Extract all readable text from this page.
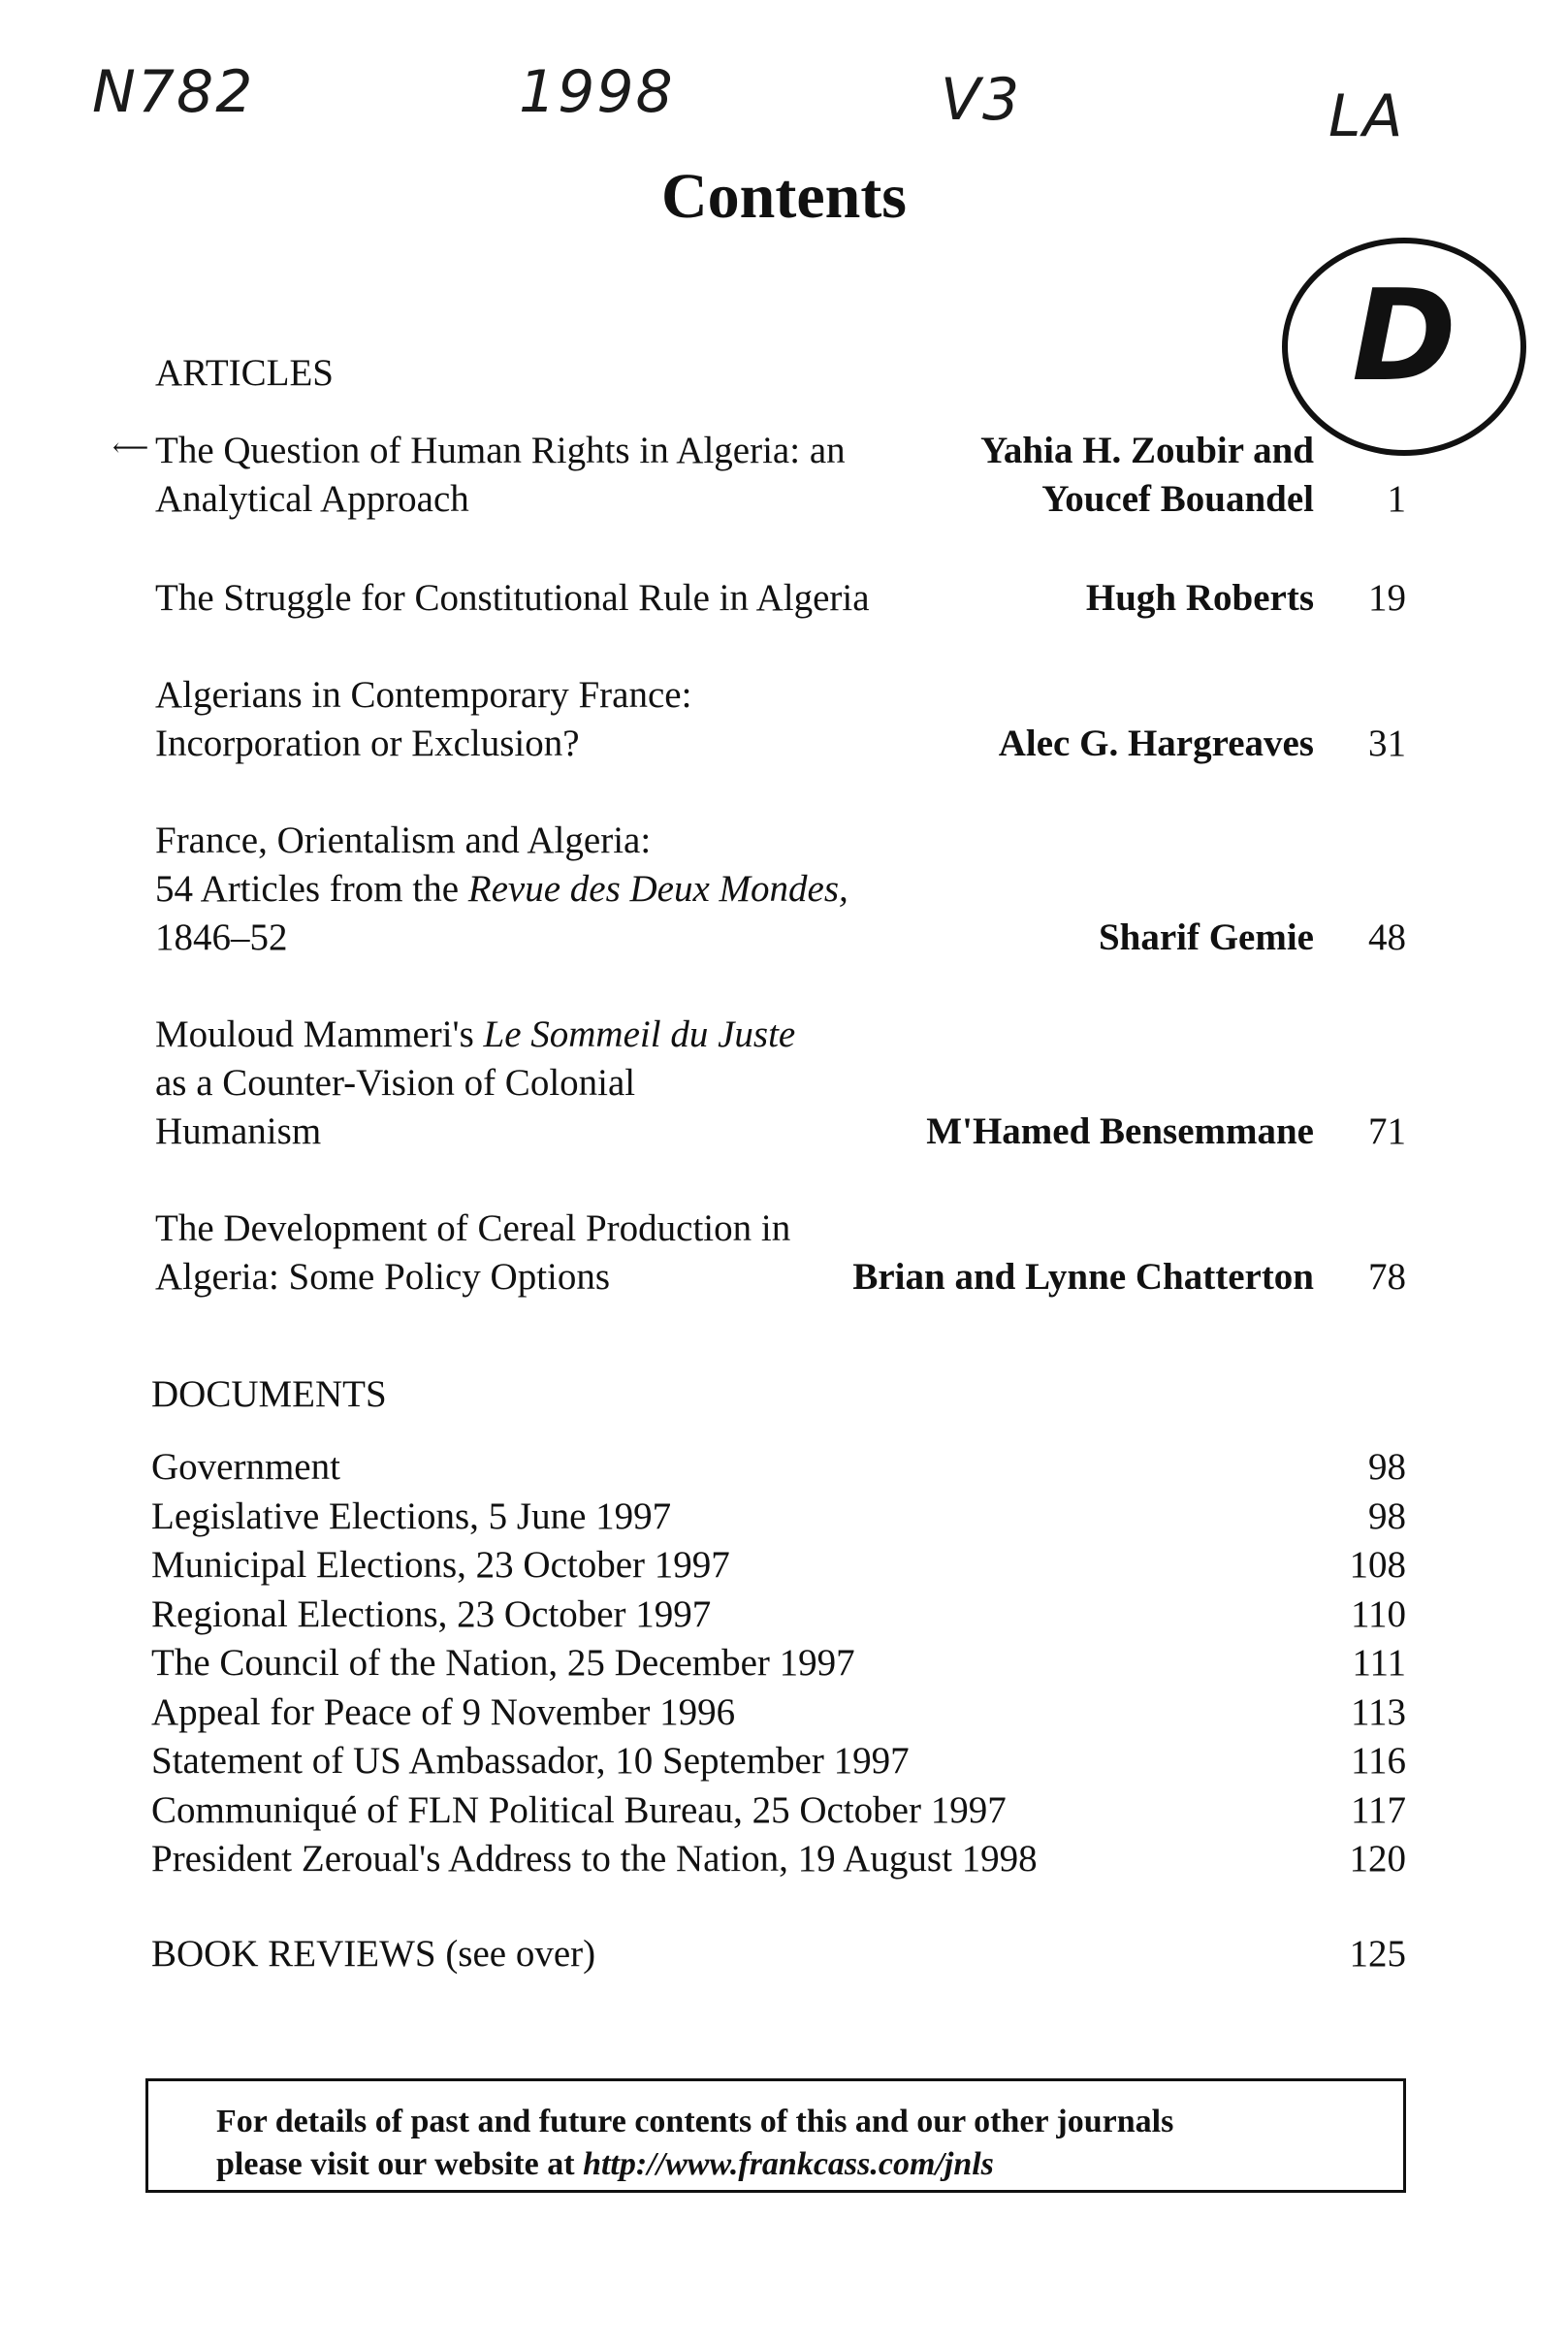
N782	1998	V3	LA
D
Contents
ARTICLES
⟵ The Question of Human Rights in Algeria: an Analytical Approach
Yahia H. Zoubir and
Youcef Bouandel	1
The Struggle for Constitutional Rule in Algeria	Hugh Roberts	19
Algerians in Contemporary France: Incorporation or Exclusion?	Alec G. Hargreaves	31
France, Orientalism and Algeria:
54 Articles from the Revue des Deux Mondes,
1846–52	Sharif Gemie	48
Mouloud Mammeri's Le Sommeil du Juste
as a Counter-Vision of Colonial
Humanism	M'Hamed Bensemmane	71
The Development of Cereal Production in Algeria: Some Policy Options	Brian and Lynne Chatterton	78
DOCUMENTS
Government	98
Legislative Elections, 5 June 1997	98
Municipal Elections, 23 October 1997	108
Regional Elections, 23 October 1997	110
The Council of the Nation, 25 December 1997	111
Appeal for Peace of 9 November 1996	113
Statement of US Ambassador, 10 September 1997	116
Communiqué of FLN Political Bureau, 25 October 1997	117
President Zeroual's Address to the Nation, 19 August 1998	120
BOOK REVIEWS (see over)	125
For details of past and future contents of this and our other journals
please visit our website at http://www.frankcass.com/jnls
